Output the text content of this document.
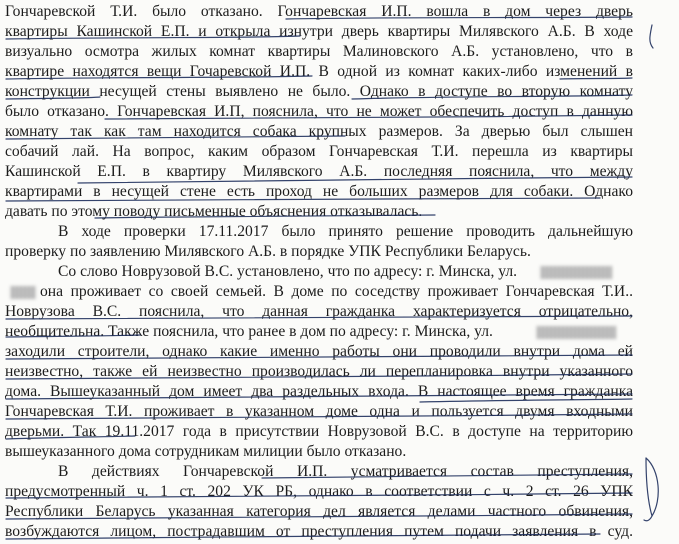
Гончаревской Т.И. было отказано. Гончаревская И.П. вошла в дом через дверь
квартиры Кашинской Е.П. и открыла изнутри дверь квартиры Милявского А.Б. В ходе
визуально осмотра жилых комнат квартиры Малиновского А.Б. установлено, что в
квартире находятся вещи Гочаревской И.П. В одной из комнат каких-либо изменений в
конструкции несущей стены выявлено не было. Однако в доступе во вторую комнату
было отказано. Гончаревская И.П, пояснила, что не может обеспечить доступ в данную
комнату так как там находится собака крупных размеров. За дверью был слышен
собачий лай. На вопрос, каким образом Гончаревская Т.И. перешла из квартиры
Кашинской Е.П. в квартиру Милявского А.Б. последняя пояснила, что между
квартирами в несущей стене есть проход не больших размеров для собаки. Однако
давать по этому поводу письменные объяснения отказывалась.
В ходе проверки 17.11.2017 было принято решение проводить дальнейшую
проверку по заявлению Милявского А.Б. в порядке УПК Республики Беларусь.
Со слово Новрузовой В.С. установлено, что по адресу: г. Минска, ул.
она проживает со своей семьей. В доме по соседству проживает Гончаревская Т.И..
Новрузова В.С. пояснила, что данная гражданка характеризуется отрицательно,
необщительна. Также пояснила, что ранее в дом по адресу: г. Минска, ул.
заходили строители, однако какие именно работы они проводили внутри дома ей
неизвестно, также ей неизвестно производилась ли перепланировка внутри указанного
дома. Вышеуказанный дом имеет два раздельных входа. В настоящее время гражданка
Гончаревская Т.И. проживает в указанном доме одна и пользуется двумя входными
дверьми. Так 19.11.2017 года в присутствии Новрузовой В.С. в доступе на территорию
вышеуказанного дома сотрудникам милиции было отказано.
В действиях Гончаревской И.П. усматривается состав преступления,
предусмотренный ч. 1 ст. 202 УК РБ, однако в соответствии с ч. 2 ст. 26 УПК
Республики Беларусь указанная категория дел является делами частного обвинения,
возбуждаются лицом, пострадавшим от преступления путем подачи заявления в суд.
